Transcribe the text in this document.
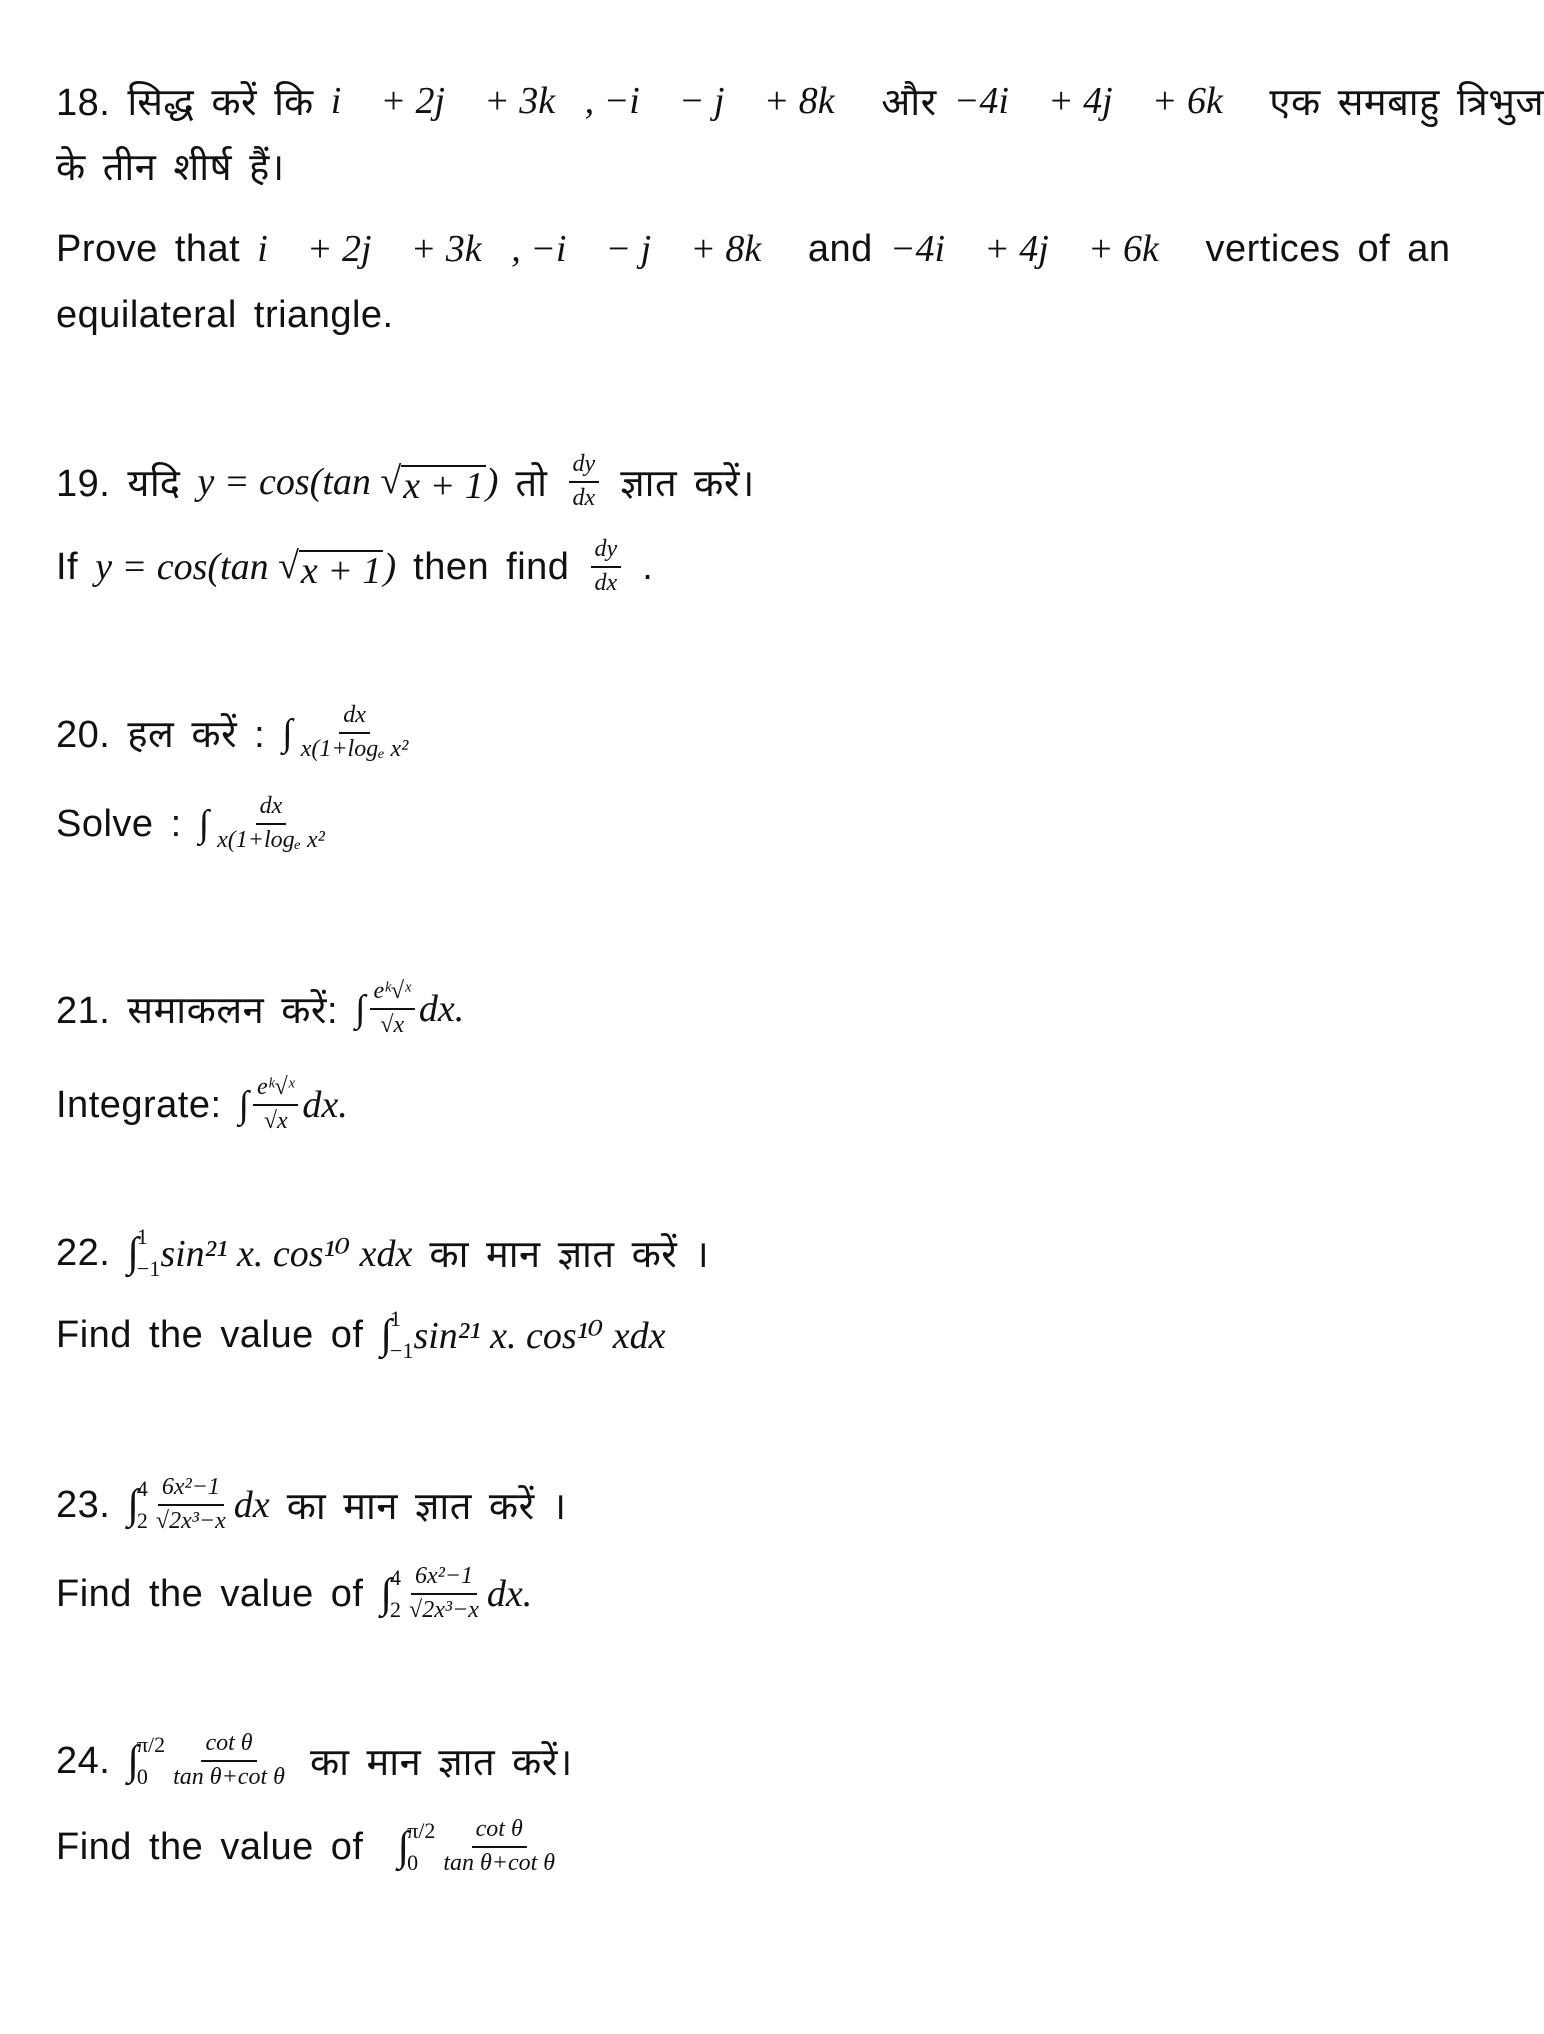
18. सिद्ध करें कि i⃗ + 2j⃗ + 3k⃗, −i⃗ − j⃗ + 8k⃗ और −4i⃗ + 4j⃗ + 6k⃗ एक समबाहु त्रिभुज
के तीन शीर्ष हैं।
Prove that i⃗ + 2j⃗ + 3k⃗, −i⃗ − j⃗ + 8k⃗ and −4i⃗ + 4j⃗ + 6k⃗ vertices of an
equilateral triangle.
19. यदि y = cos(tan √ x + 1 ) तो $\frac{dy}{dx}$ ज्ञात करें।
If y = cos(tan √ x + 1 ) then find $\frac{dy}{dx}$ .
20. हल करें : ∫ $\frac{dx}{\text{x(1+logₑ x²}}$
Solve : ∫ $\frac{dx}{\text{x(1+logₑ x²}}$
21. समाकलन करें: ∫ $\frac{\text{eᵏ√ˣ}}{√x}$ dx.
Integrate: ∫ $\frac{\text{eᵏ√ˣ}}{√x}$ dx.
22. ∫
1
−1 sin²¹ x. cos¹⁰ xdx का मान ज्ञात करें ।
Find the value of ∫
1
−1 sin²¹ x. cos¹⁰ xdx
23. ∫
4
$2 \frac{\text{6x²−1}}{\text{√2x³−x}}$ dx का मान ज्ञात करें ।
Find the value of ∫
4
$2 \frac{\text{6x²−1}}{\text{√2x³−x}}$ dx.
24. ∫
π/2
$0 \frac{\text{cot θ}}{\text{tan θ+cot θ}}$ का मान ज्ञात करें।
Find the value of ∫
π/2
$0 \frac{\text{cot θ}}{\text{tan θ+cot θ}}$
